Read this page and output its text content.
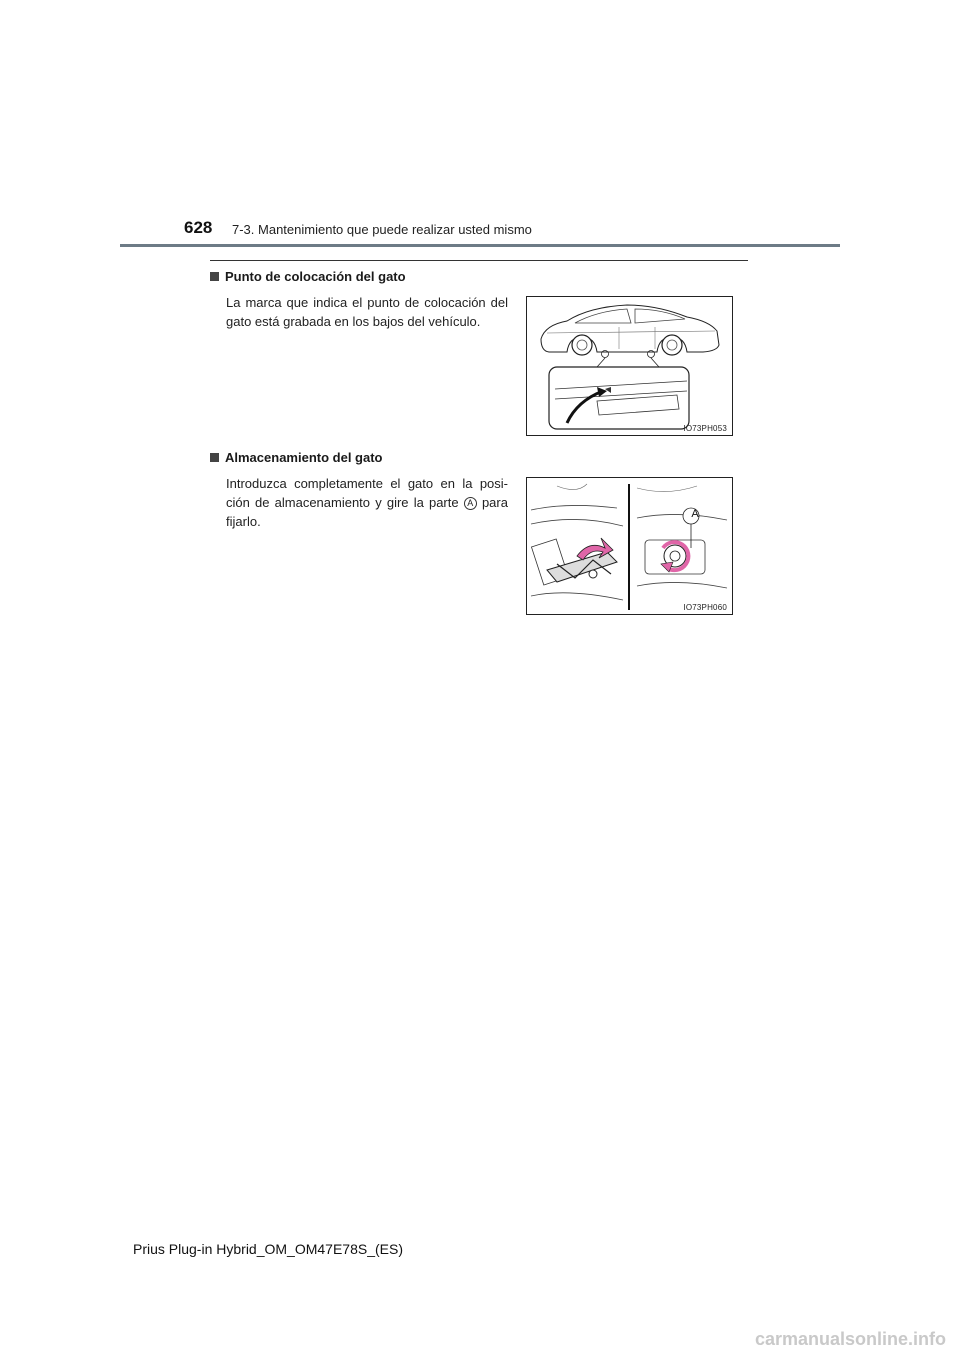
628 7-3. Mantenimiento que puede realizar usted mismo
Punto de colocación del gato
La marca que indica el punto de colocación del gato está grabada en los bajos del vehículo.
IO73PH053
Almacenamiento del gato
Introduzca completamente el gato en la posi-ción de almacenamiento y gire la parte A para fijarlo.	A
IO73PH060
Prius Plug-in Hybrid_OM_OM47E78S_(ES)
carmanualsonline.info
